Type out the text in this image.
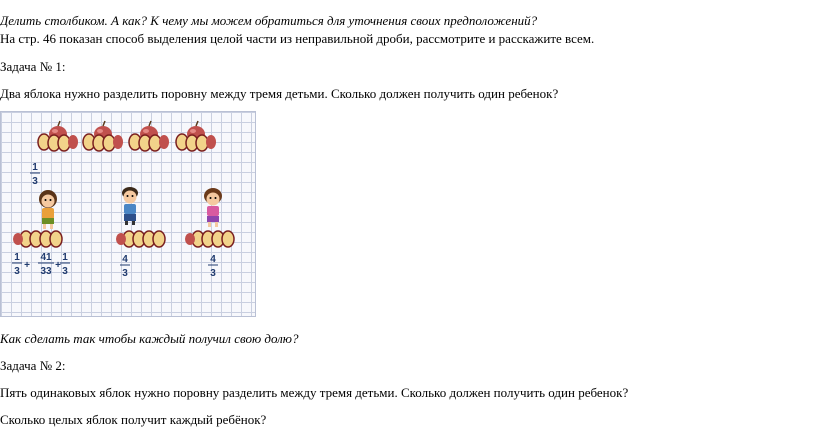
Делить столбиком. А как? К чему мы можем обратиться для уточнения своих предположений?
На стр. 46 показан способ выделения целой части из неправильной дроби, рассмотрите и расскажите всем.
Задача № 1:
Два яблока нужно разделить поровну между тремя детьми. Сколько должен получить один ребенок?
1
3
1
3
+
41
33
+
1
3
4
3
4
3
Как сделать так чтобы каждый получил свою долю?
Задача № 2:
Пять одинаковых яблок нужно поровну разделить между тремя детьми. Сколько должен получить один ребенок?
Сколько целых яблок получит каждый ребёнок?
